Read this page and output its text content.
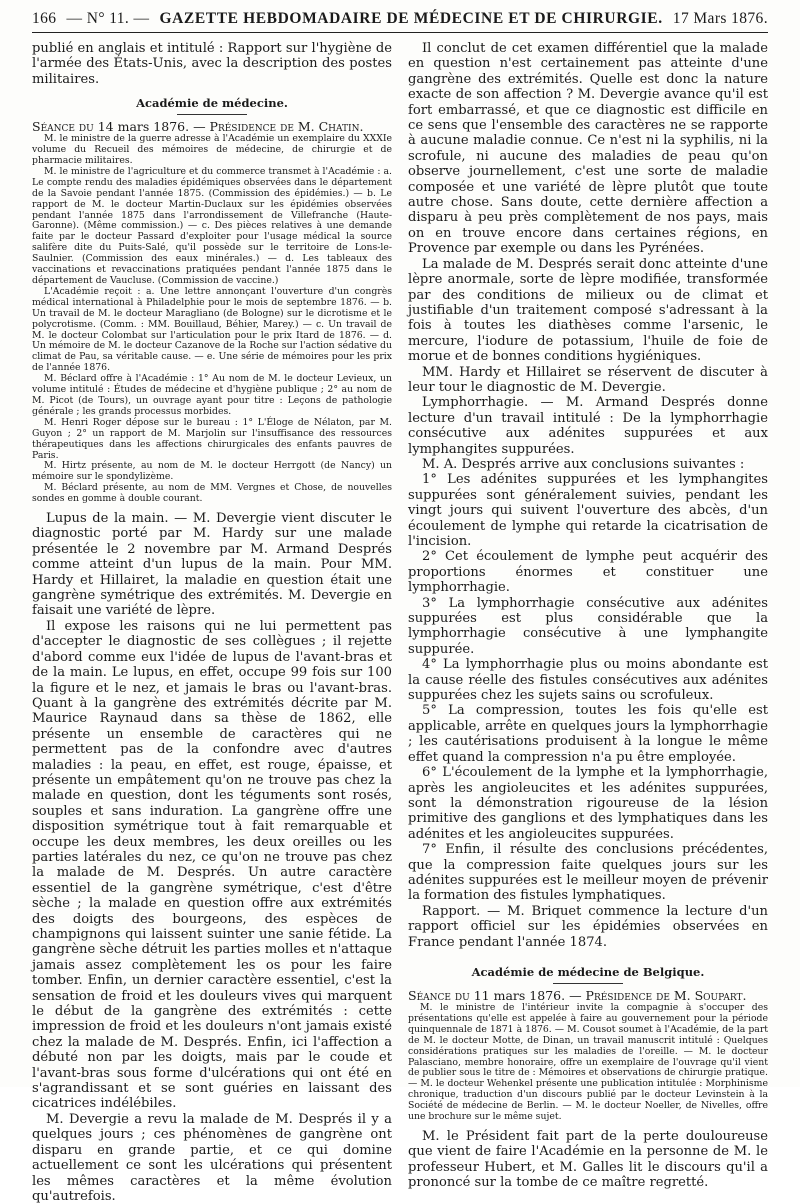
166 — N° 11. — GAZETTE HEBDOMADAIRE DE MÉDECINE ET DE CHIRURGIE. 17 Mars 1876.

publié en anglais et intitulé : Rapport sur l'hygiène de l'armée des États-Unis, avec la description des postes militaires.

Académie de médecine.

Séance du 14 mars 1876. — Présidence de M. Chatin.

M. le ministre de la guerre adresse à l'Académie un exemplaire du XXXIe volume du Recueil des mémoires de médecine, de chirurgie et de pharmacie militaires.

M. le ministre de l'agriculture et du commerce transmet à l'Académie : a. Le compte rendu des maladies épidémiques observées dans le département de la Savoie pendant l'année 1875. (Commission des épidémies.) — b. Le rapport de M. le docteur Martin-Duclaux sur les épidémies observées pendant l'année 1875 dans l'arrondissement de Villefranche (Haute-Garonne). (Même commission.) — c. Des pièces relatives à une demande faite par le docteur Passard d'exploiter pour l'usage médical la source salifère dite du Puits-Salé, qu'il possède sur le territoire de Lons-le-Saulnier. (Commission des eaux minérales.) — d. Les tableaux des vaccinations et revaccinations pratiquées pendant l'année 1875 dans le département de Vaucluse. (Commission de vaccine.)

L'Académie reçoit : a. Une lettre annonçant l'ouverture d'un congrès médical international à Philadelphie pour le mois de septembre 1876. — b. Un travail de M. le docteur Maragliano (de Bologne) sur le dicrotisme et le polycrotisme. (Comm. : MM. Bouillaud, Béhier, Marey.) — c. Un travail de M. le docteur Colombat sur l'articulation pour le prix Itard de 1876. — d. Un mémoire de M. le docteur Cazanove de la Roche sur l'action sédative du climat de Pau, sa véritable cause. — e. Une série de mémoires pour les prix de l'année 1876.

M. Béclard offre à l'Académie : 1° Au nom de M. le docteur Levieux, un volume intitulé : Études de médecine et d'hygiène publique ; 2° au nom de M. Picot (de Tours), un ouvrage ayant pour titre : Leçons de pathologie générale ; les grands processus morbides.

M. Henri Roger dépose sur le bureau : 1° L'Éloge de Nélaton, par M. Guyon ; 2° un rapport de M. Marjolin sur l'insuffisance des ressources thérapeutiques dans les affections chirurgicales des enfants pauvres de Paris.

M. Hirtz présente, au nom de M. le docteur Herrgott (de Nancy) un mémoire sur le spondylizème.

M. Béclard présente, au nom de MM. Vergnes et Chose, de nouvelles sondes en gomme à double courant.

Lupus de la main. — M. Devergie vient discuter le diagnostic porté par M. Hardy sur une malade présentée le 2 novembre par M. Armand Després comme atteint d'un lupus de la main. Pour MM. Hardy et Hillairet, la maladie en question était une gangrène symétrique des extrémités. M. Devergie en faisait une variété de lèpre.

Il expose les raisons qui ne lui permettent pas d'accepter le diagnostic de ses collègues ; il rejette d'abord comme eux l'idée de lupus de l'avant-bras et de la main. Le lupus, en effet, occupe 99 fois sur 100 la figure et le nez, et jamais le bras ou l'avant-bras. Quant à la gangrène des extrémités décrite par M. Maurice Raynaud dans sa thèse de 1862, elle présente un ensemble de caractères qui ne permettent pas de la confondre avec d'autres maladies : la peau, en effet, est rouge, épaisse, et présente un empâtement qu'on ne trouve pas chez la malade en question, dont les téguments sont rosés, souples et sans induration. La gangrène offre une disposition symétrique tout à fait remarquable et occupe les deux membres, les deux oreilles ou les parties latérales du nez, ce qu'on ne trouve pas chez la malade de M. Després. Un autre caractère essentiel de la gangrène symétrique, c'est d'être sèche ; la malade en question offre aux extrémités des doigts des bourgeons, des espèces de champignons qui laissent suinter une sanie fétide. La gangrène sèche détruit les parties molles et n'attaque jamais assez complètement les os pour les faire tomber. Enfin, un dernier caractère essentiel, c'est la sensation de froid et les douleurs vives qui marquent le début de la gangrène des extrémités : cette impression de froid et les douleurs n'ont jamais existé chez la malade de M. Després. Enfin, ici l'affection a débuté non par les doigts, mais par le coude et l'avant-bras sous forme d'ulcérations qui ont été en s'agrandissant et se sont guéries en laissant des cicatrices indélébiles.

M. Devergie a revu la malade de M. Després il y a quelques jours ; ces phénomènes de gangrène ont disparu en grande partie, et ce qui domine actuellement ce sont les ulcérations qui présentent les mêmes caractères et la même évolution qu'autrefois.

Il conclut de cet examen différentiel que la malade en question n'est certainement pas atteinte d'une gangrène des extrémités. Quelle est donc la nature exacte de son affection ? M. Devergie avance qu'il est fort embarrassé, et que ce diagnostic est difficile en ce sens que l'ensemble des caractères ne se rapporte à aucune maladie connue. Ce n'est ni la syphilis, ni la scrofule, ni aucune des maladies de peau qu'on observe journellement, c'est une sorte de maladie composée et une variété de lèpre plutôt que toute autre chose. Sans doute, cette dernière affection a disparu à peu près complètement de nos pays, mais on en trouve encore dans certaines régions, en Provence par exemple ou dans les Pyrénées.

La malade de M. Després serait donc atteinte d'une lèpre anormale, sorte de lèpre modifiée, transformée par des conditions de milieux ou de climat et justifiable d'un traitement composé s'adressant à la fois à toutes les diathèses comme l'arsenic, le mercure, l'iodure de potassium, l'huile de foie de morue et de bonnes conditions hygiéniques.

MM. Hardy et Hillairet se réservent de discuter à leur tour le diagnostic de M. Devergie.

Lymphorrhagie. — M. Armand Després donne lecture d'un travail intitulé : De la lymphorrhagie consécutive aux adénites suppurées et aux lymphangites suppurées.

M. A. Després arrive aux conclusions suivantes :

1° Les adénites suppurées et les lymphangites suppurées sont généralement suivies, pendant les vingt jours qui suivent l'ouverture des abcès, d'un écoulement de lymphe qui retarde la cicatrisation de l'incision.

2° Cet écoulement de lymphe peut acquérir des proportions énormes et constituer une lymphorrhagie.

3° La lymphorrhagie consécutive aux adénites suppurées est plus considérable que la lymphorrhagie consécutive à une lymphangite suppurée.

4° La lymphorrhagie plus ou moins abondante est la cause réelle des fistules consécutives aux adénites suppurées chez les sujets sains ou scrofuleux.

5° La compression, toutes les fois qu'elle est applicable, arrête en quelques jours la lymphorrhagie ; les cautérisations produisent à la longue le même effet quand la compression n'a pu être employée.

6° L'écoulement de la lymphe et la lymphorrhagie, après les angioleucites et les adénites suppurées, sont la démonstration rigoureuse de la lésion primitive des ganglions et des lymphatiques dans les adénites et les angioleucites suppurées.

7° Enfin, il résulte des conclusions précédentes, que la compression faite quelques jours sur les adénites suppurées est le meilleur moyen de prévenir la formation des fistules lymphatiques.

Rapport. — M. Briquet commence la lecture d'un rapport officiel sur les épidémies observées en France pendant l'année 1874.

Académie de médecine de Belgique.

Séance du 11 mars 1876. — Présidence de M. Soupart.

M. le ministre de l'intérieur invite la compagnie à s'occuper des présentations qu'elle est appelée à faire au gouvernement pour la période quinquennale de 1871 à 1876. — M. Cousot soumet à l'Académie, de la part de M. le docteur Motte, de Dinan, un travail manuscrit intitulé : Quelques considérations pratiques sur les maladies de l'oreille. — M. le docteur Palasciano, membre honoraire, offre un exemplaire de l'ouvrage qu'il vient de publier sous le titre de : Mémoires et observations de chirurgie pratique. — M. le docteur Wehenkel présente une publication intitulée : Morphinisme chronique, traduction d'un discours publié par le docteur Levinstein à la Société de médecine de Berlin. — M. le docteur Noeller, de Nivelles, offre une brochure sur le même sujet.

M. le Président fait part de la perte douloureuse que vient de faire l'Académie en la personne de M. le professeur Hubert, et M. Galles lit le discours qu'il a prononcé sur la tombe de ce maître regretté.
